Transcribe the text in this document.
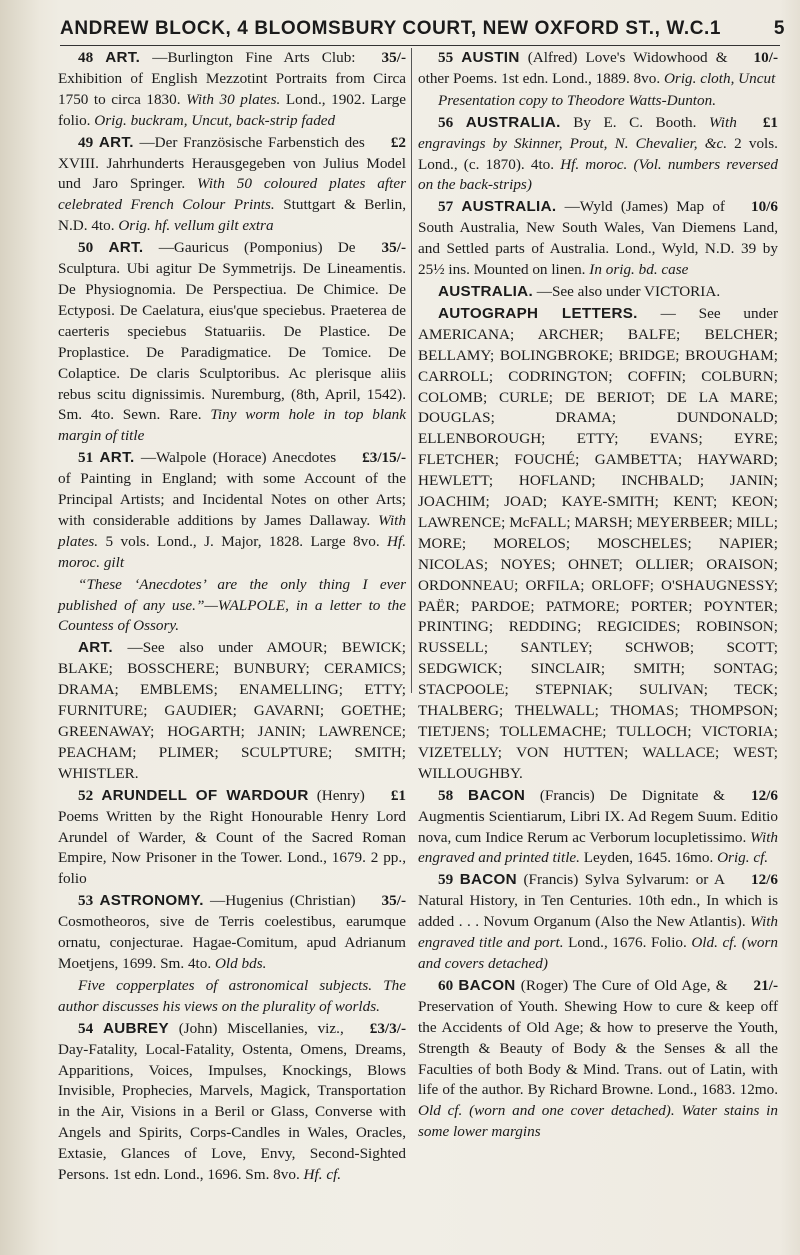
ANDREW BLOCK, 4 BLOOMSBURY COURT, NEW OXFORD ST., W.C.1	5

35/-
48 ART. —Burlington Fine Arts Club: Exhibition of English Mezzotint Portraits from Circa 1750 to circa 1830. With 30 plates. Lond., 1902. Large folio. Orig. buckram, Uncut, back-strip faded

£2
49 ART. —Der Französische Farbenstich des XVIII. Jahrhunderts Herausgegeben von Julius Model und Jaro Springer. With 50 coloured plates after celebrated French Colour Prints. Stuttgart & Berlin, N.D. 4to. Orig. hf. vellum gilt extra

35/-
50 ART. —Gauricus (Pomponius) De Sculptura. Ubi agitur De Symmetrijs. De Lineamentis. De Physiognomia. De Perspectiua. De Chimice. De Ectyposi. De Caelatura, eius'que speciebus. Praeterea de caerteris speciebus Statuariis. De Plastice. De Proplastice. De Paradigmatice. De Tomice. De Colaptice. De claris Sculptoribus. Ac plerisque aliis rebus scitu dignissimis. Nuremburg, (8th, April, 1542). Sm. 4to. Sewn. Rare. Tiny worm hole in top blank margin of title

£3/15/-
51 ART. —Walpole (Horace) Anecdotes of Painting in England; with some Account of the Principal Artists; and Incidental Notes on other Arts; with considerable additions by James Dallaway. With plates. 5 vols. Lond., J. Major, 1828. Large 8vo. Hf. moroc. gilt

“These ‘Anecdotes’ are the only thing I ever published of any use.”—WALPOLE, in a letter to the Countess of Ossory.

ART. —See also under AMOUR; BEWICK; BLAKE; BOSSCHERE; BUNBURY; CERAMICS; DRAMA; EMBLEMS; ENAMELLING; ETTY; FURNITURE; GAUDIER; GAVARNI; GOETHE; GREENAWAY; HOGARTH; JANIN; LAWRENCE; PEACHAM; PLIMER; SCULPTURE; SMITH; WHISTLER.

£1
52 ARUNDELL OF WARDOUR (Henry) Poems Written by the Right Honourable Henry Lord Arundel of Warder, & Count of the Sacred Roman Empire, Now Prisoner in the Tower. Lond., 1679. 2 pp., folio

35/-
53 ASTRONOMY. —Hugenius (Christian) Cosmotheoros, sive de Terris coelestibus, earumque ornatu, conjecturae. Hagae-Comitum, apud Adrianum Moetjens, 1699. Sm. 4to. Old bds.

Five copperplates of astronomical subjects. The author discusses his views on the plurality of worlds.

£3/3/-
54 AUBREY (John) Miscellanies, viz., Day-Fatality, Local-Fatality, Ostenta, Omens, Dreams, Apparitions, Voices, Impulses, Knockings, Blows Invisible, Prophecies, Marvels, Magick, Transportation in the Air, Visions in a Beril or Glass, Converse with Angels and Spirits, Corps-Candles in Wales, Oracles, Extasie, Glances of Love, Envy, Second-Sighted Persons. 1st edn. Lond., 1696. Sm. 8vo. Hf. cf.

10/-
55 AUSTIN (Alfred) Love's Widowhood & other Poems. 1st edn. Lond., 1889. 8vo. Orig. cloth, Uncut

Presentation copy to Theodore Watts-Dunton.

£1
56 AUSTRALIA. By E. C. Booth. With engravings by Skinner, Prout, N. Chevalier, &c. 2 vols. Lond., (c. 1870). 4to. Hf. moroc. (Vol. numbers reversed on the back-strips)

10/6
57 AUSTRALIA. —Wyld (James) Map of South Australia, New South Wales, Van Diemens Land, and Settled parts of Australia. Lond., Wyld, N.D. 39 by 25½ ins. Mounted on linen. In orig. bd. case

AUSTRALIA. —See also under VICTORIA.

AUTOGRAPH LETTERS. — See under AMERICANA; ARCHER; BALFE; BELCHER; BELLAMY; BOLINGBROKE; BRIDGE; BROUGHAM; CARROLL; CODRINGTON; COFFIN; COLBURN; COLOMB; CURLE; DE BERIOT; DE LA MARE; DOUGLAS; DRAMA; DUNDONALD; ELLENBOROUGH; ETTY; EVANS; EYRE; FLETCHER; FOUCHÉ; GAMBETTA; HAYWARD; HEWLETT; HOFLAND; INCHBALD; JANIN; JOACHIM; JOAD; KAYE-SMITH; KENT; KEON; LAWRENCE; McFALL; MARSH; MEYERBEER; MILL; MORE; MORELOS; MOSCHELES; NAPIER; NICOLAS; NOYES; OHNET; OLLIER; ORAISON; ORDONNEAU; ORFILA; ORLOFF; O'SHAUGNESSY; PAËR; PARDOE; PATMORE; PORTER; POYNTER; PRINTING; REDDING; REGICIDES; ROBINSON; RUSSELL; SANTLEY; SCHWOB; SCOTT; SEDGWICK; SINCLAIR; SMITH; SONTAG; STACPOOLE; STEPNIAK; SULIVAN; TECK; THALBERG; THELWALL; THOMAS; THOMPSON; TIETJENS; TOLLEMACHE; TULLOCH; VICTORIA; VIZETELLY; VON HUTTEN; WALLACE; WEST; WILLOUGHBY.

12/6
58 BACON (Francis) De Dignitate & Augmentis Scientiarum, Libri IX. Ad Regem Suum. Editio nova, cum Indice Rerum ac Verborum locupletissimo. With engraved and printed title. Leyden, 1645. 16mo. Orig. cf.

12/6
59 BACON (Francis) Sylva Sylvarum: or A Natural History, in Ten Centuries. 10th edn., In which is added . . . Novum Organum (Also the New Atlantis). With engraved title and port. Lond., 1676. Folio. Old. cf. (worn and covers detached)

21/-
60 BACON (Roger) The Cure of Old Age, & Preservation of Youth. Shewing How to cure & keep off the Accidents of Old Age; & how to preserve the Youth, Strength & Beauty of Body & the Senses & all the Faculties of both Body & Mind. Trans. out of Latin, with life of the author. By Richard Browne. Lond., 1683. 12mo. Old cf. (worn and one cover detached). Water stains in some lower margins
